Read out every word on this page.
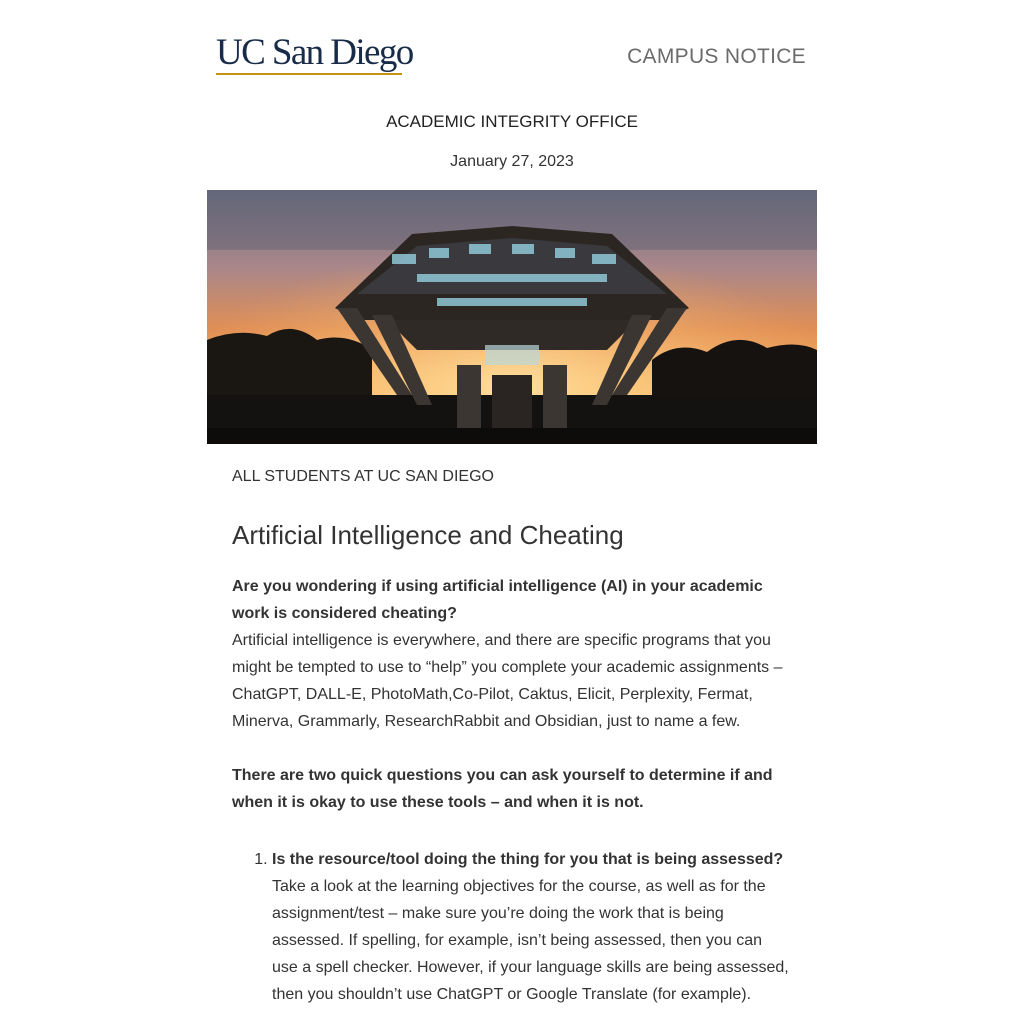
UC San Diego	CAMPUS NOTICE
ACADEMIC INTEGRITY OFFICE
January 27, 2023

ALL STUDENTS AT UC SAN DIEGO

Artificial Intelligence and Cheating

Are you wondering if using artificial intelligence (AI) in your academic work is considered cheating?

Artificial intelligence is everywhere, and there are specific programs that you might be tempted to use to “help” you complete your academic assignments – ChatGPT, DALL-E, PhotoMath,Co-Pilot, Caktus, Elicit, Perplexity, Fermat, Minerva, Grammarly, ResearchRabbit and Obsidian, just to name a few.

There are two quick questions you can ask yourself to determine if and when it is okay to use these tools – and when it is not.

1. Is the resource/tool doing the thing for you that is being assessed?
Take a look at the learning objectives for the course, as well as for the assignment/test – make sure you’re doing the work that is being assessed. If spelling, for example, isn’t being assessed, then you can use a spell checker. However, if your language skills are being assessed, then you shouldn’t use ChatGPT or Google Translate (for example).
